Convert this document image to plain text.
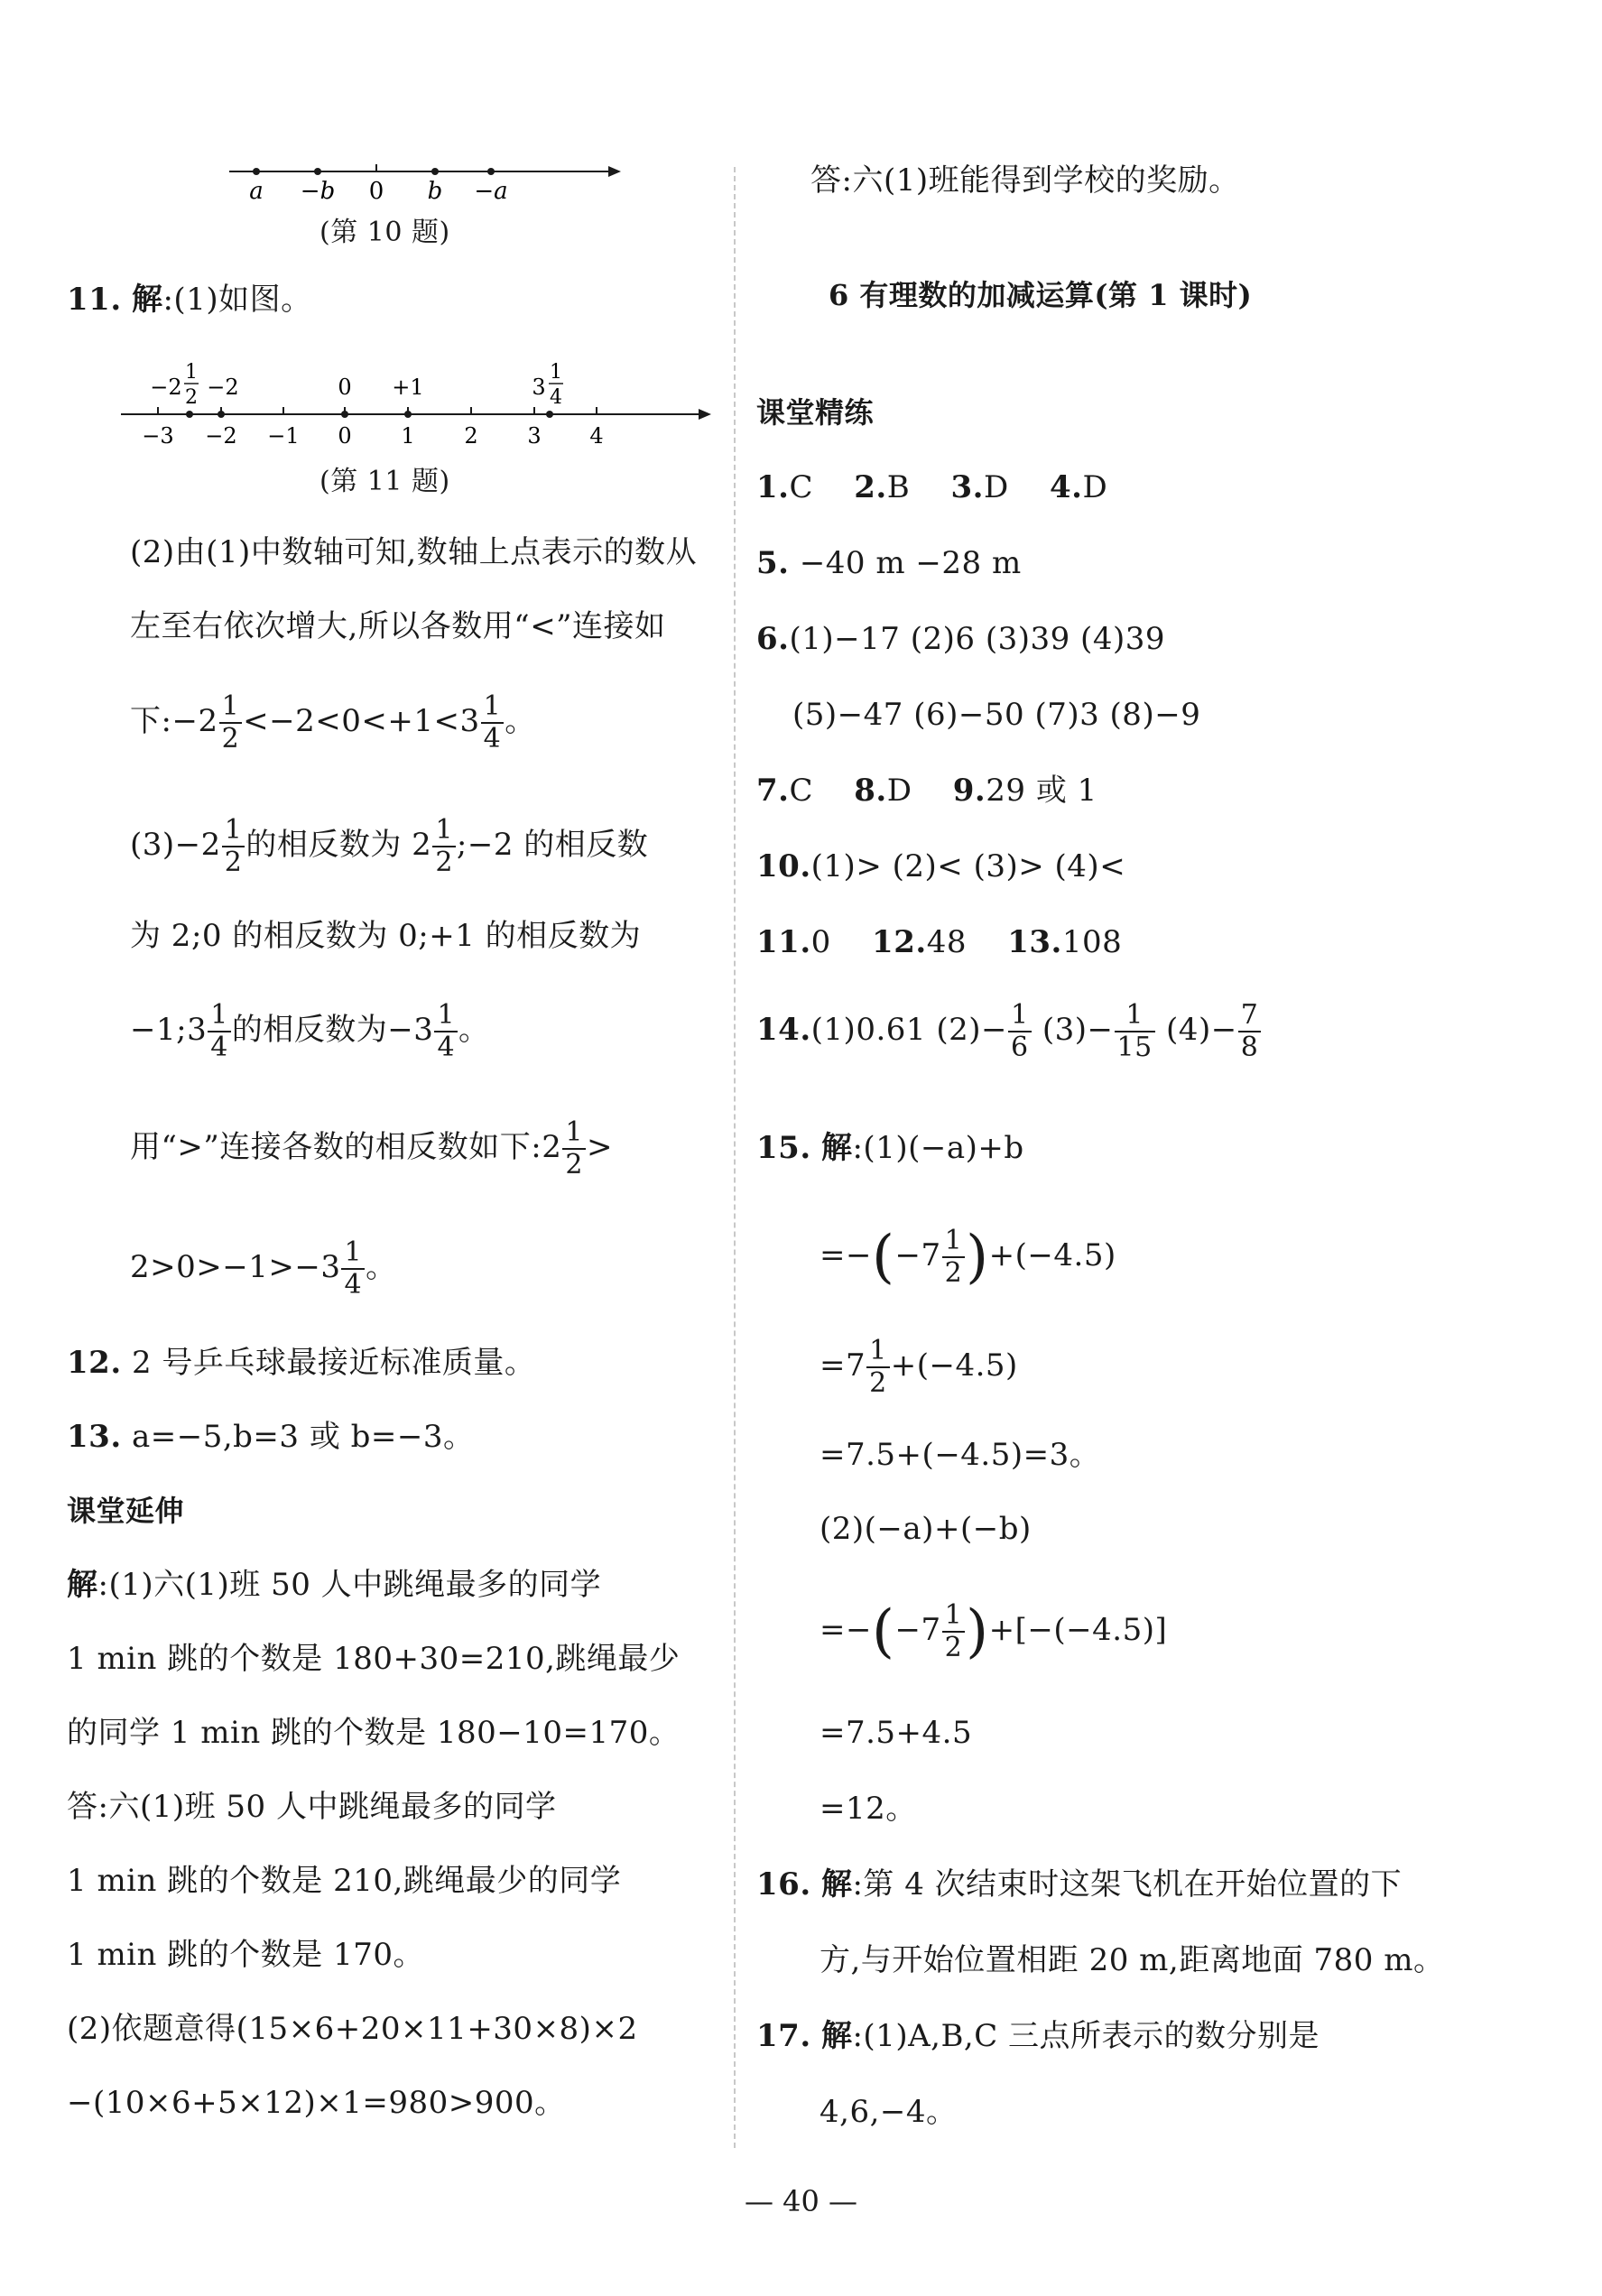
a −b 0 b −a
(第 10 题)
11. 解:(1)如图。
−2
1
2 −2	0 +1	3
1
4
−3 −2 −1 0 1 2 3 4
(第 11 题)
(2)由(1)中数轴可知,数轴上点表示的数从
左至右依次增大,所以各数用“<”连接如
下:−2 $\frac{1}{2} <-2<0<+1<3 \frac{1}{4}$ 。
$(3)-2 \frac{1}{2}$ 的相反数为 $2 \frac{1}{2}$ ;−2 的相反数
为 2;0 的相反数为 0;+1 的相反数为
−1;3 $\frac{1}{4}$ 的相反数为$-3 \frac{1}{4}$ 。
用“>”连接各数的相反数如下:2 $\frac{1}{2}$ >
$2>0>-1>-3 \frac{1}{4}$ 。
12. 2 号乒乓球最接近标准质量。
13. a=−5,b=3 或 b=−3。
课堂延伸
解:(1)六(1)班 50 人中跳绳最多的同学
1 min 跳的个数是 180+30=210,跳绳最少
的同学 1 min 跳的个数是 180−10=170。
答:六(1)班 50 人中跳绳最多的同学
1 min 跳的个数是 210,跳绳最少的同学
1 min 跳的个数是 170。
(2)依题意得(15×6+20×11+30×8)×2
−(10×6+5×12)×1=980>900。
答:六(1)班能得到学校的奖励。
6 有理数的加减运算(第 1 课时)
课堂精练
1.C 2.B 3.D 4.D
5. −40 m −28 m
6.(1)−17 (2)6 (3)39 (4)39
(5)−47 (6)−50 (7)3 (8)−9
7.C 8.D 9.29 或 1
10.(1)> (2)< (3)> (4)<
11.0 12.48 13.108
14.(1)0.61 $(2)- \frac{1}{6} (3)- \frac{1}{15} (4)- \frac{7}{8}$
15. 解:(1)(−a)+b
$=-(-7 \frac{1}{2} )+(-4.5)$
$=7 \frac{1}{2} +(-4.5)$
=7.5+(−4.5)=3。
(2)(−a)+(−b)
$=-(-7 \frac{1}{2} )+[-(-4.5)]$
=7.5+4.5
=12。
16. 解:第 4 次结束时这架飞机在开始位置的下
方,与开始位置相距 20 m,距离地面 780 m。
17. 解:(1)A,B,C 三点所表示的数分别是
4,6,−4。
— 40 —
